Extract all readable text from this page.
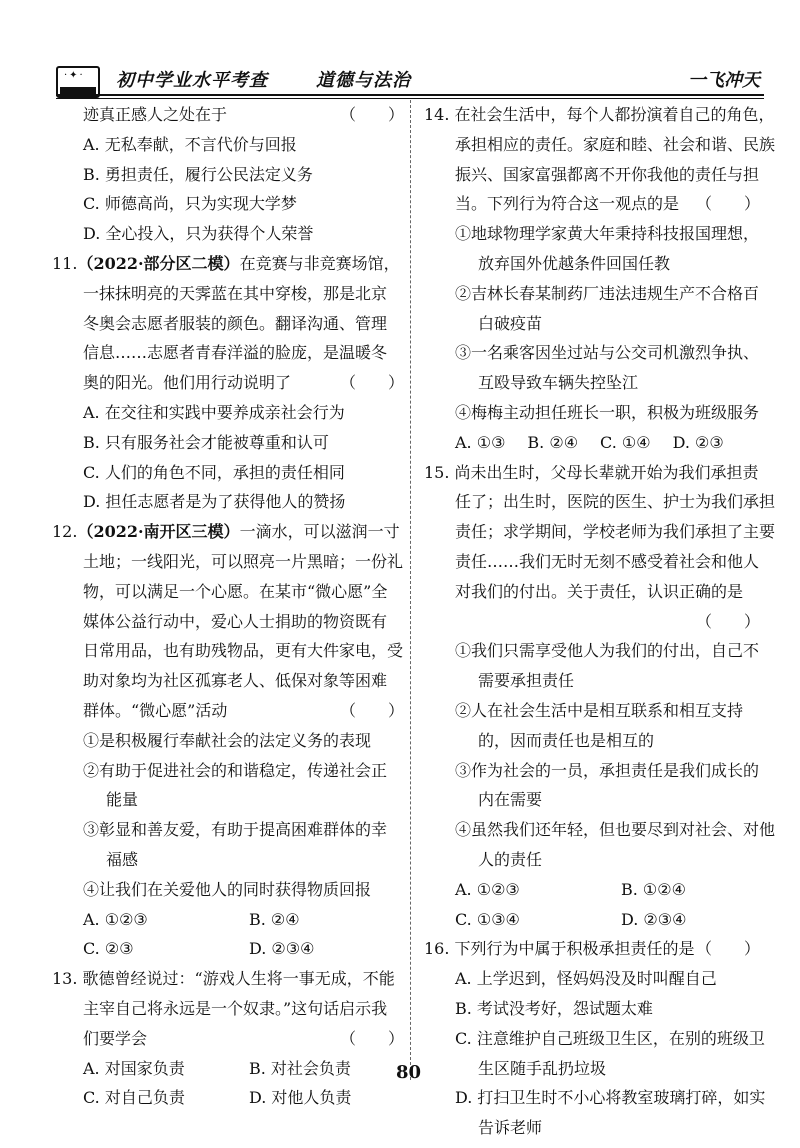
·✦· 初中学业水平考查	道德与法治	一飞冲天
迹真正感人之处在于	（　　）
A. 无私奉献，不言代价与回报
B. 勇担责任，履行公民法定义务
C. 师德高尚，只为实现大学梦
D. 全心投入，只为获得个人荣誉
11.（2022·部分区二模）在竞赛与非竞赛场馆，
一抹抹明亮的天霁蓝在其中穿梭，那是北京
冬奥会志愿者服装的颜色。翻译沟通、管理
信息……志愿者青春洋溢的脸庞，是温暖冬
奥的阳光。他们用行动说明了	（　　）
A. 在交往和实践中要养成亲社会行为
B. 只有服务社会才能被尊重和认可
C. 人们的角色不同，承担的责任相同
D. 担任志愿者是为了获得他人的赞扬
12.（2022·南开区三模）一滴水，可以滋润一寸
土地；一线阳光，可以照亮一片黑暗；一份礼
物，可以满足一个心愿。在某市“微心愿”全
媒体公益行动中，爱心人士捐助的物资既有
日常用品，也有助残物品，更有大件家电，受
助对象均为社区孤寡老人、低保对象等困难
群体。“微心愿”活动	（　　）
①是积极履行奉献社会的法定义务的表现
②有助于促进社会的和谐稳定，传递社会正
能量
③彰显和善友爱，有助于提高困难群体的幸
福感
④让我们在关爱他人的同时获得物质回报
A. ①②③	B. ②④
C. ②③	D. ②③④
13. 歌德曾经说过：“游戏人生将一事无成，不能
主宰自己将永远是一个奴隶。”这句话启示我
们要学会	（　　）
A. 对国家负责	B. 对社会负责
C. 对自己负责	D. 对他人负责
14. 在社会生活中，每个人都扮演着自己的角色，
承担相应的责任。家庭和睦、社会和谐、民族
振兴、国家富强都离不开你我他的责任与担
当。下列行为符合这一观点的是 （　　）
①地球物理学家黄大年秉持科技报国理想，
放弃国外优越条件回国任教
②吉林长春某制药厂违法违规生产不合格百
白破疫苗
③一名乘客因坐过站与公交司机激烈争执、
互殴导致车辆失控坠江
④梅梅主动担任班长一职，积极为班级服务
A. ①③ B. ②④ C. ①④ D. ②③
15. 尚未出生时，父母长辈就开始为我们承担责
任了；出生时，医院的医生、护士为我们承担
责任；求学期间，学校老师为我们承担了主要
责任……我们无时无刻不感受着社会和他人
对我们的付出。关于责任，认识正确的是
（　　）
①我们只需享受他人为我们的付出，自己不
需要承担责任
②人在社会生活中是相互联系和相互支持
的，因而责任也是相互的
③作为社会的一员，承担责任是我们成长的
内在需要
④虽然我们还年轻，但也要尽到对社会、对他
人的责任
A. ①②③	B. ①②④
C. ①③④	D. ②③④
16. 下列行为中属于积极承担责任的是 （　　）
A. 上学迟到，怪妈妈没及时叫醒自己
B. 考试没考好，怨试题太难
C. 注意维护自己班级卫生区，在别的班级卫
生区随手乱扔垃圾
D. 打扫卫生时不小心将教室玻璃打碎，如实
告诉老师
80
